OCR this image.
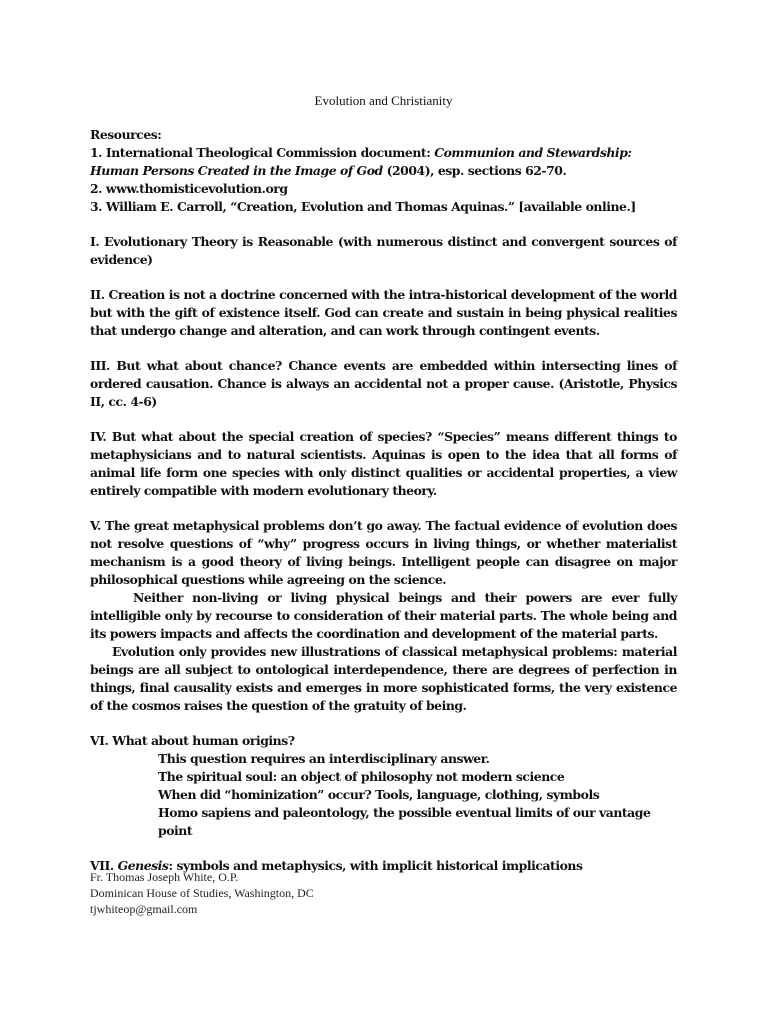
Evolution and Christianity
Resources:
1. International Theological Commission document: Communion and Stewardship: Human Persons Created in the Image of God (2004), esp. sections 62-70.
2. www.thomisticevolution.org
3. William E. Carroll, “Creation, Evolution and Thomas Aquinas.” [available online.]
I. Evolutionary Theory is Reasonable (with numerous distinct and convergent sources of evidence)
II. Creation is not a doctrine concerned with the intra-historical development of the world but with the gift of existence itself. God can create and sustain in being physical realities that undergo change and alteration, and can work through contingent events.
III. But what about chance? Chance events are embedded within intersecting lines of ordered causation. Chance is always an accidental not a proper cause. (Aristotle, Physics II, cc. 4-6)
IV. But what about the special creation of species? “Species” means different things to metaphysicians and to natural scientists. Aquinas is open to the idea that all forms of animal life form one species with only distinct qualities or accidental properties, a view entirely compatible with modern evolutionary theory.

V. The great metaphysical problems don’t go away. The factual evidence of evolution does not resolve questions of “why” progress occurs in living things, or whether materialist mechanism is a good theory of living beings. Intelligent people can disagree on major philosophical questions while agreeing on the science.

Neither non-living or living physical beings and their powers are ever fully intelligible only by recourse to consideration of their material parts. The whole being and its powers impacts and affects the coordination and development of the material parts.

Evolution only provides new illustrations of classical metaphysical problems: material beings are all subject to ontological interdependence, there are degrees of perfection in things, final causality exists and emerges in more sophisticated forms, the very existence of the cosmos raises the question of the gratuity of being.

VI. What about human origins?
This question requires an interdisciplinary answer.
The spiritual soul: an object of philosophy not modern science
When did “hominization” occur? Tools, language, clothing, symbols
Homo sapiens and paleontology, the possible eventual limits of our vantage point
VII. Genesis: symbols and metaphysics, with implicit historical implications
Fr. Thomas Joseph White, O.P.
Dominican House of Studies, Washington, DC
tjwhiteop@gmail.com
